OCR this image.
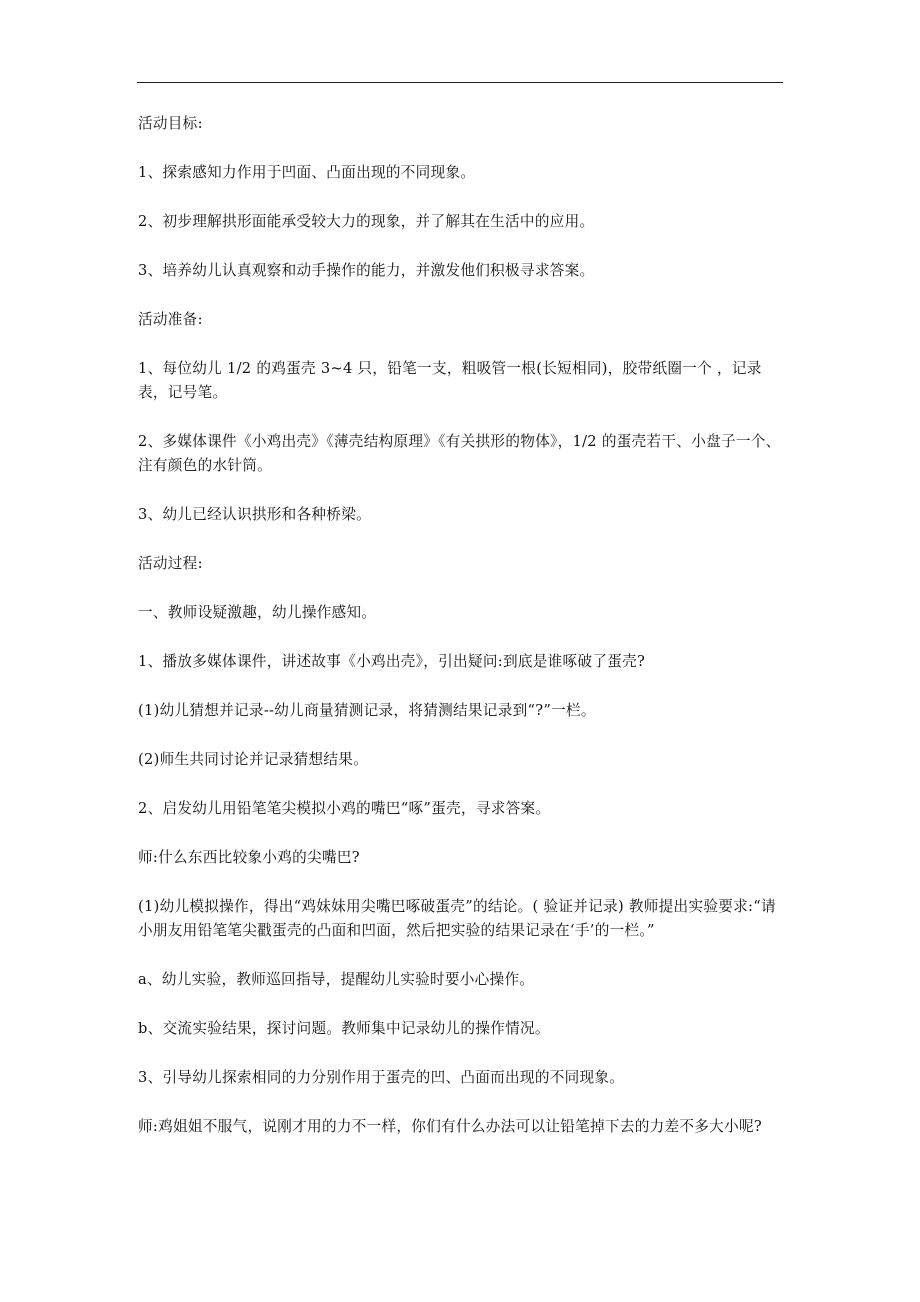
活动目标:

1、探索感知力作用于凹面、凸面出现的不同现象。

2、初步理解拱形面能承受较大力的现象，并了解其在生活中的应用。

3、培养幼儿认真观察和动手操作的能力，并激发他们积极寻求答案。

活动准备:

1、每位幼儿 1/2 的鸡蛋壳 3~4 只，铅笔一支，粗吸管一根(长短相同)，胶带纸圈一个 ，记录表，记号笔。

2、多媒体课件《小鸡出壳》《薄壳结构原理》《有关拱形的物体》，1/2 的蛋壳若干、小盘子一个、 注有颜色的水针筒。

3、幼儿已经认识拱形和各种桥梁。

活动过程:

一、教师设疑激趣，幼儿操作感知。

1、播放多媒体课件，讲述故事《小鸡出壳》，引出疑问:到底是谁啄破了蛋壳?

(1)幼儿猜想并记录--幼儿商量猜测记录，将猜测结果记录到“?”一栏。

(2)师生共同讨论并记录猜想结果。

2、启发幼儿用铅笔笔尖模拟小鸡的嘴巴“啄”蛋壳，寻求答案。

师:什么东西比较象小鸡的尖嘴巴?

(1)幼儿模拟操作，得出“鸡妹妹用尖嘴巴啄破蛋壳”的结论。( 验证并记录) 教师提出实验要求:“请小朋友用铅笔笔尖戳蛋壳的凸面和凹面，然后把实验的结果记录在‘手’的一栏。”

a、幼儿实验，教师巡回指导，提醒幼儿实验时要小心操作。

b、交流实验结果，探讨问题。教师集中记录幼儿的操作情况。

3、引导幼儿探索相同的力分别作用于蛋壳的凹、凸面而出现的不同现象。

师:鸡姐姐不服气，说刚才用的力不一样，你们有什么办法可以让铅笔掉下去的力差不多大小呢?
